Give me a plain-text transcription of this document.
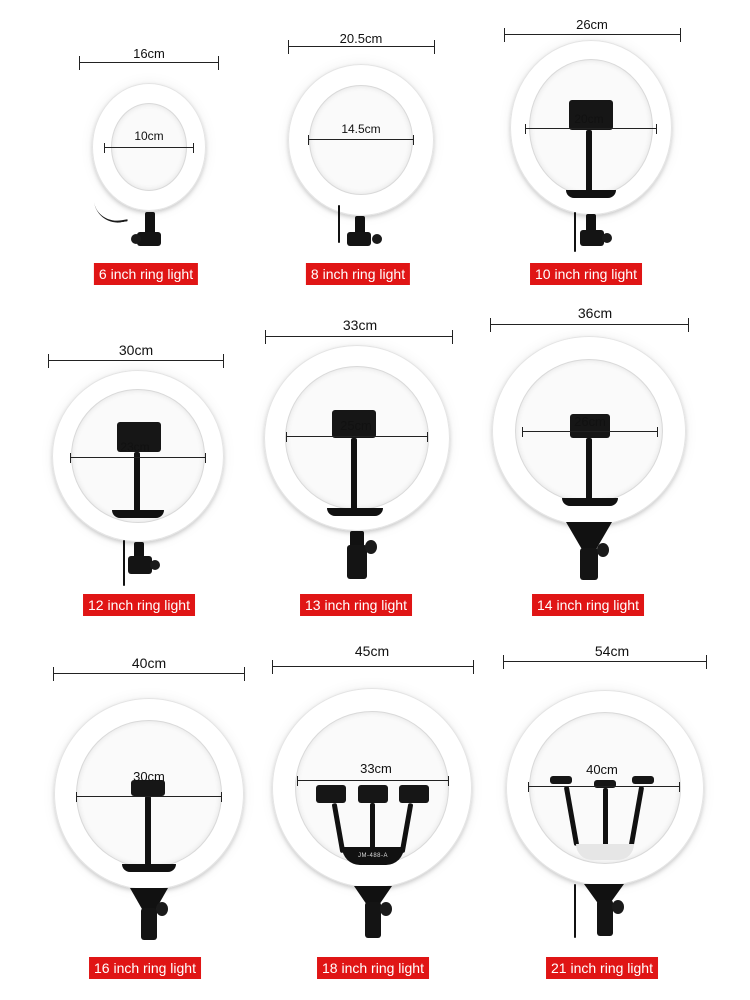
16cm
10cm
6 inch ring light
20.5cm
14.5cm
8 inch ring light
26cm
20cm
10 inch ring light
30cm
23cm
12 inch ring light
33cm
25cm
13 inch ring light
36cm
26cm
14 inch ring light
40cm
30cm
16 inch ring light
45cm
JM-488-A
33cm
18 inch ring light
54cm
40cm
21 inch ring light
